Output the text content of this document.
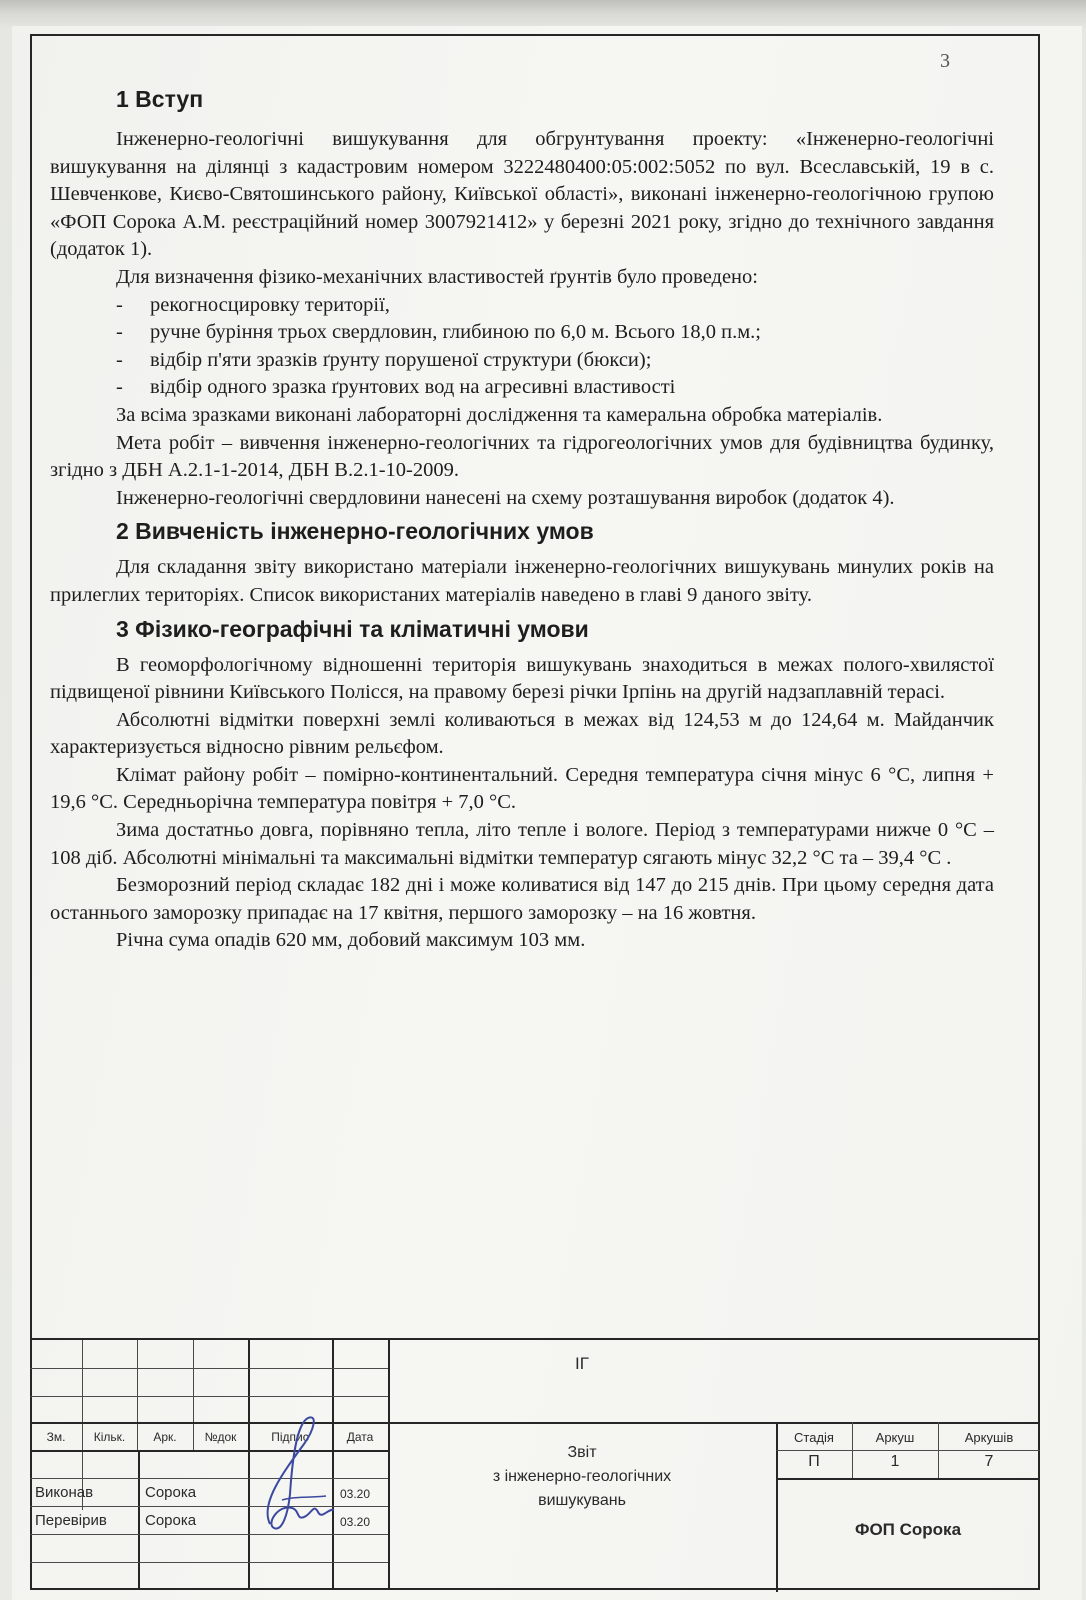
3
1 Вступ

Інженерно-геологічні вишукування для обгрунтування проекту: «Інженерно-геологічні вишукування на ділянці з кадастровим номером 3222480400:05:002:5052 по вул. Всеславській, 19 в с. Шевченкове, Києво-Святошинського району, Київської області», виконані інженерно-геологічною групою «ФОП Сорока А.М. реєстраційний номер 3007921412» у березні 2021 року, згідно до технічного завдання (додаток 1).

Для визначення фізико-механічних властивостей ґрунтів було проведено:

- рекогносцировку території,
- ручне буріння трьох свердловин, глибиною по 6,0 м. Всього 18,0 п.м.;
- відбір п'яти зразків ґрунту порушеної структури (бюкси);
- відбір одного зразка ґрунтових вод на агресивні властивості

За всіма зразками виконані лабораторні дослідження та камеральна обробка матеріалів.

Мета робіт – вивчення інженерно-геологічних та гідрогеологічних умов для будівництва будинку, згідно з ДБН А.2.1-1-2014, ДБН В.2.1-10-2009.

Інженерно-геологічні свердловини нанесені на схему розташування виробок (додаток 4).

2 Вивченість інженерно-геологічних умов

Для складання звіту використано матеріали інженерно-геологічних вишукувань минулих років на прилеглих територіях. Список використаних матеріалів наведено в главі 9 даного звіту.

3 Фізико-географічні та кліматичні умови

В геоморфологічному відношенні територія вишукувань знаходиться в межах полого-хвилястої підвищеної рівнини Київського Полісся, на правому березі річки Ірпінь на другій надзаплавній терасі.

Абсолютні відмітки поверхні землі коливаються в межах від 124,53 м до 124,64 м. Майданчик характеризується відносно рівним рельєфом.

Клімат району робіт – помірно-континентальний. Середня температура січня мінус 6 °С, липня + 19,6 °С. Середньорічна температура повітря + 7,0 °С.

Зима достатньо довга, порівняно тепла, літо тепле і вологе. Період з температурами нижче 0 °С – 108 діб. Абсолютні мінімальні та максимальні відмітки температур сягають мінус 32,2 °С та – 39,4 °С .

Безморозний період складає 182 дні і може коливатися від 147 до 215 днів. При цьому середня дата останнього заморозку припадає на 17 квітня, першого заморозку – на 16 жовтня.

Річна сума опадів 620 мм, добовий максимум 103 мм.

Зм.	Кільк.	Арк.	№док	Підпис	Дата
Виконав	Сорока	03.20
Перевірив	Сорока	03.20
ІГ
Звіт
з інженерно-геологічних
вишукувань
Стадія	Аркуш	Аркушів
П	1	7
ФОП Сорока
